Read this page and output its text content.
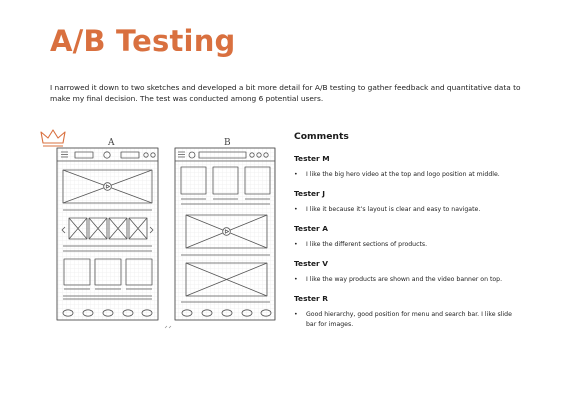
A/B Testing
I narrowed it down to two sketches and developed a bit more detail for A/B testing to gather feedback and quantitative data to make my final decision. The test was conducted among 6 potential users.
A	B
Comments
Tester M
• I like the big hero video at the top and logo position at middle.
Tester J
• I like it because it’s layout is clear and easy to navigate.
Tester A
• I like the different sections of products.
Tester V
• I like the way products are shown and the video banner on top.
Tester R
• Good hierarchy, good position for menu and search bar. I like slide bar for images.
